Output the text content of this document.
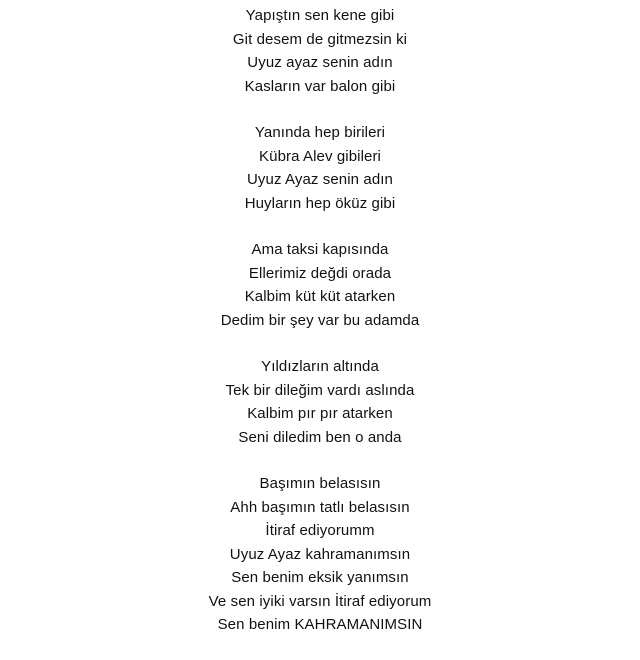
Yapıştın sen kene gibi
Git desem de gitmezsin ki
Uyuz ayaz senin adın
Kasların var balon gibi
Yanında hep birileri
Kübra Alev gibileri
Uyuz Ayaz senin adın
Huyların hep öküz gibi
Ama taksi kapısında
Ellerimiz değdi orada
Kalbim küt küt atarken
Dedim bir şey var bu adamda
Yıldızların altında
Tek bir dileğim vardı aslında
Kalbim pır pır atarken
Seni diledim ben o anda
Başımın belasısın
Ahh başımın tatlı belasısın
İtiraf ediyorumm
Uyuz Ayaz kahramanımsın
Sen benim eksik yanımsın
Ve sen iyiki varsın İtiraf ediyorum
Sen benim KAHRAMANIMSIN
